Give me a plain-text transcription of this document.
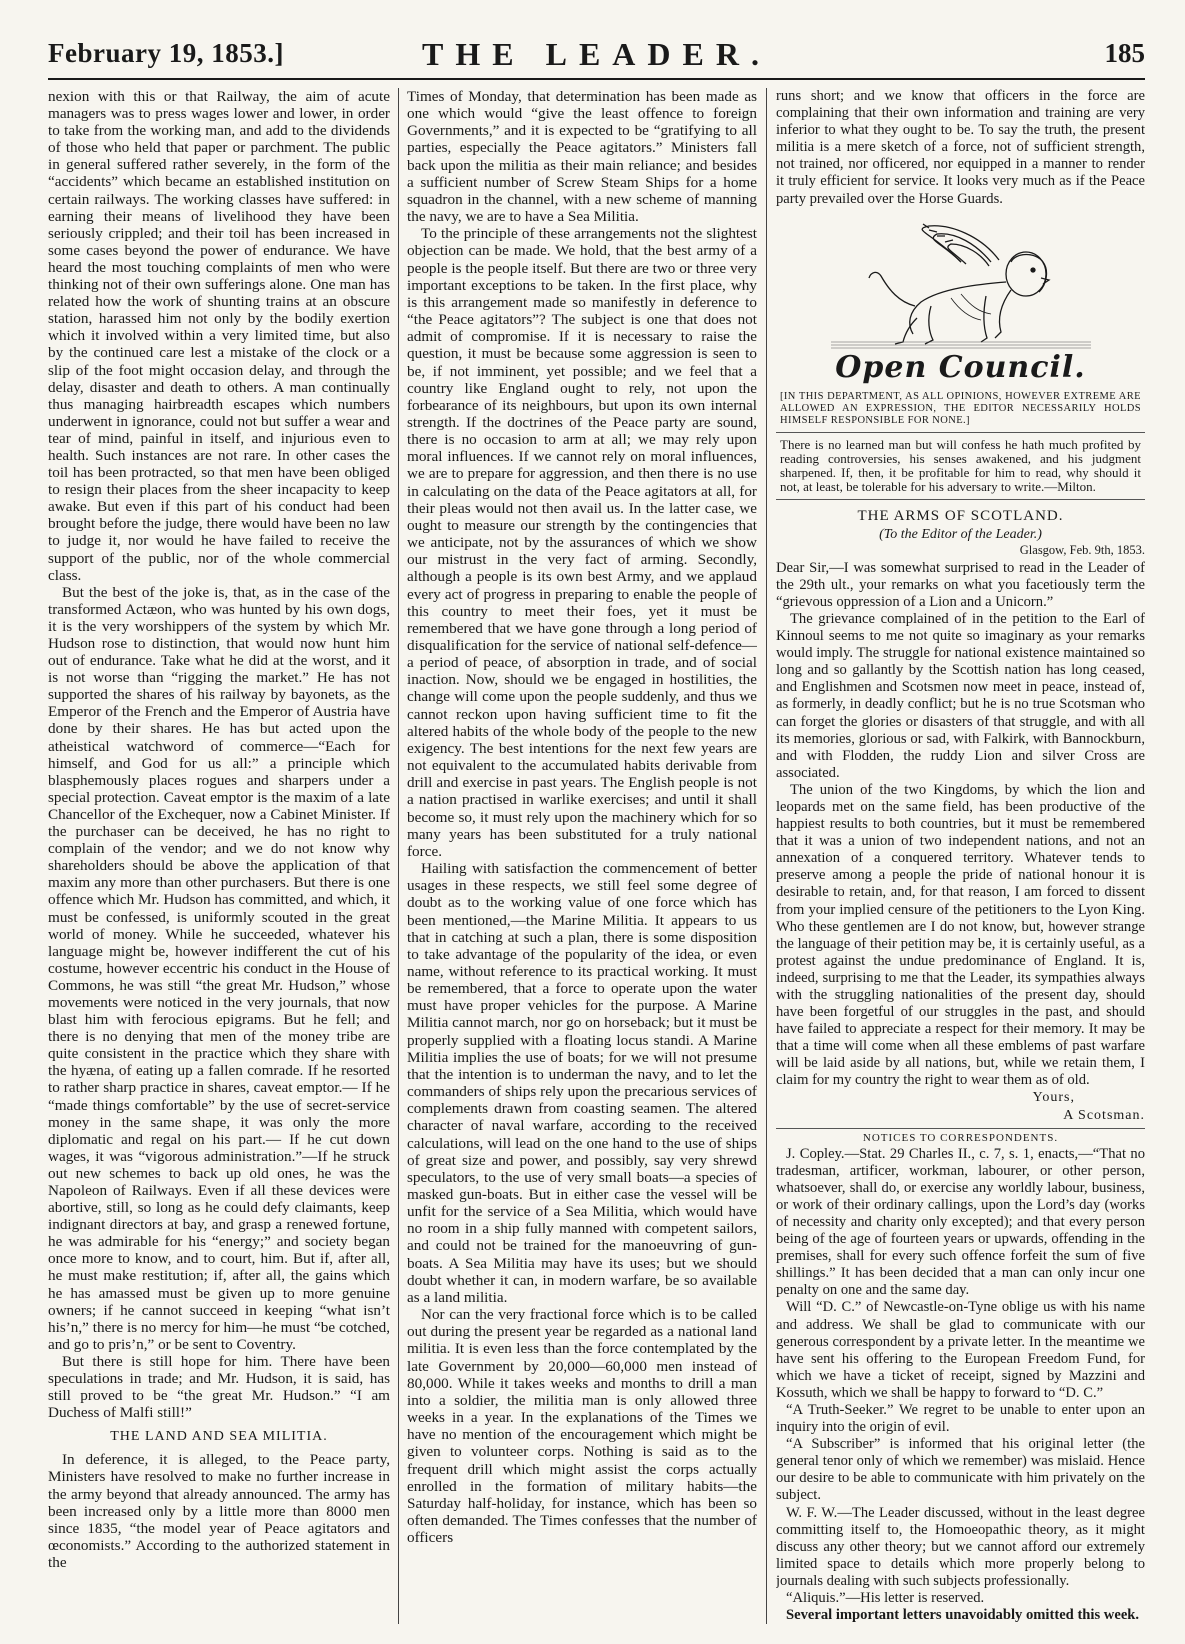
February 19, 1853.]	THE LEADER.	185

nexion with this or that Railway, the aim of acute managers was to press wages lower and lower, in order to take from the working man, and add to the dividends of those who held that paper or parchment. The public in general suffered rather severely, in the form of the “accidents” which became an established institution on certain railways. The working classes have suffered: in earning their means of livelihood they have been seriously crippled; and their toil has been increased in some cases beyond the power of endurance. We have heard the most touching complaints of men who were thinking not of their own sufferings alone. One man has related how the work of shunting trains at an obscure station, harassed him not only by the bodily exertion which it involved within a very limited time, but also by the continued care lest a mistake of the clock or a slip of the foot might occasion delay, and through the delay, disaster and death to others. A man continually thus managing hairbreadth escapes which numbers underwent in ignorance, could not but suffer a wear and tear of mind, painful in itself, and injurious even to health. Such instances are not rare. In other cases the toil has been protracted, so that men have been obliged to resign their places from the sheer incapacity to keep awake. But even if this part of his conduct had been brought before the judge, there would have been no law to judge it, nor would he have failed to receive the support of the public, nor of the whole commercial class.

But the best of the joke is, that, as in the case of the transformed Actæon, who was hunted by his own dogs, it is the very worshippers of the system by which Mr. Hudson rose to distinction, that would now hunt him out of endurance. Take what he did at the worst, and it is not worse than “rigging the market.” He has not supported the shares of his railway by bayonets, as the Emperor of the French and the Emperor of Austria have done by their shares. He has but acted upon the atheistical watchword of commerce—“Each for himself, and God for us all:” a principle which blasphemously places rogues and sharpers under a special protection. Caveat emptor is the maxim of a late Chancellor of the Exchequer, now a Cabinet Minister. If the purchaser can be deceived, he has no right to complain of the vendor; and we do not know why shareholders should be above the application of that maxim any more than other purchasers. But there is one offence which Mr. Hudson has committed, and which, it must be confessed, is uniformly scouted in the great world of money. While he succeeded, whatever his language might be, however indifferent the cut of his costume, however eccentric his conduct in the House of Commons, he was still “the great Mr. Hudson,” whose movements were noticed in the very journals, that now blast him with ferocious epigrams. But he fell; and there is no denying that men of the money tribe are quite consistent in the practice which they share with the hyæna, of eating up a fallen comrade. If he resorted to rather sharp practice in shares, caveat emptor.— If he “made things comfortable” by the use of secret-service money in the same shape, it was only the more diplomatic and regal on his part.— If he cut down wages, it was “vigorous administration.”—If he struck out new schemes to back up old ones, he was the Napoleon of Railways. Even if all these devices were abortive, still, so long as he could defy claimants, keep indignant directors at bay, and grasp a renewed fortune, he was admirable for his “energy;” and society began once more to know, and to court, him. But if, after all, he must make restitution; if, after all, the gains which he has amassed must be given up to more genuine owners; if he cannot succeed in keeping “what isn’t his’n,” there is no mercy for him—he must “be cotched, and go to pris’n,” or be sent to Coventry.

But there is still hope for him. There have been speculations in trade; and Mr. Hudson, it is said, has still proved to be “the great Mr. Hudson.” “I am Duchess of Malfi still!”

THE LAND AND SEA MILITIA.

In deference, it is alleged, to the Peace party, Ministers have resolved to make no further increase in the army beyond that already announced. The army has been increased only by a little more than 8000 men since 1835, “the model year of Peace agitators and œconomists.” According to the authorized statement in the

Times of Monday, that determination has been made as one which would “give the least offence to foreign Governments,” and it is expected to be “gratifying to all parties, especially the Peace agitators.” Ministers fall back upon the militia as their main reliance; and besides a sufficient number of Screw Steam Ships for a home squadron in the channel, with a new scheme of manning the navy, we are to have a Sea Militia.

To the principle of these arrangements not the slightest objection can be made. We hold, that the best army of a people is the people itself. But there are two or three very important exceptions to be taken. In the first place, why is this arrangement made so manifestly in deference to “the Peace agitators”? The subject is one that does not admit of compromise. If it is necessary to raise the question, it must be because some aggression is seen to be, if not imminent, yet possible; and we feel that a country like England ought to rely, not upon the forbearance of its neighbours, but upon its own internal strength. If the doctrines of the Peace party are sound, there is no occasion to arm at all; we may rely upon moral influences. If we cannot rely on moral influences, we are to prepare for aggression, and then there is no use in calculating on the data of the Peace agitators at all, for their pleas would not then avail us. In the latter case, we ought to measure our strength by the contingencies that we anticipate, not by the assurances of which we show our mistrust in the very fact of arming. Secondly, although a people is its own best Army, and we applaud every act of progress in preparing to enable the people of this country to meet their foes, yet it must be remembered that we have gone through a long period of disqualification for the service of national self-defence—a period of peace, of absorption in trade, and of social inaction. Now, should we be engaged in hostilities, the change will come upon the people suddenly, and thus we cannot reckon upon having sufficient time to fit the altered habits of the whole body of the people to the new exigency. The best intentions for the next few years are not equivalent to the accumulated habits derivable from drill and exercise in past years. The English people is not a nation practised in warlike exercises; and until it shall become so, it must rely upon the machinery which for so many years has been substituted for a truly national force.

Hailing with satisfaction the commencement of better usages in these respects, we still feel some degree of doubt as to the working value of one force which has been mentioned,—the Marine Militia. It appears to us that in catching at such a plan, there is some disposition to take advantage of the popularity of the idea, or even name, without reference to its practical working. It must be remembered, that a force to operate upon the water must have proper vehicles for the purpose. A Marine Militia cannot march, nor go on horseback; but it must be properly supplied with a floating locus standi. A Marine Militia implies the use of boats; for we will not presume that the intention is to underman the navy, and to let the commanders of ships rely upon the precarious services of complements drawn from coasting seamen. The altered character of naval warfare, according to the received calculations, will lead on the one hand to the use of ships of great size and power, and possibly, say very shrewd speculators, to the use of very small boats—a species of masked gun-boats. But in either case the vessel will be unfit for the service of a Sea Militia, which would have no room in a ship fully manned with competent sailors, and could not be trained for the manoeuvring of gun-boats. A Sea Militia may have its uses; but we should doubt whether it can, in modern warfare, be so available as a land militia.

Nor can the very fractional force which is to be called out during the present year be regarded as a national land militia. It is even less than the force contemplated by the late Government by 20,000—60,000 men instead of 80,000. While it takes weeks and months to drill a man into a soldier, the militia man is only allowed three weeks in a year. In the explanations of the Times we have no mention of the encouragement which might be given to volunteer corps. Nothing is said as to the frequent drill which might assist the corps actually enrolled in the formation of military habits—the Saturday half-holiday, for instance, which has been so often demanded. The Times confesses that the number of officers

runs short; and we know that officers in the force are complaining that their own information and training are very inferior to what they ought to be. To say the truth, the present militia is a mere sketch of a force, not of sufficient strength, not trained, nor officered, nor equipped in a manner to render it truly efficient for service. It looks very much as if the Peace party prevailed over the Horse Guards.

Open Council.
[IN THIS DEPARTMENT, AS ALL OPINIONS, HOWEVER EXTREME ARE ALLOWED AN EXPRESSION, THE EDITOR NECESSARILY HOLDS HIMSELF RESPONSIBLE FOR NONE.]
There is no learned man but will confess he hath much profited by reading controversies, his senses awakened, and his judgment sharpened. If, then, it be profitable for him to read, why should it not, at least, be tolerable for his adversary to write.—Milton.
THE ARMS OF SCOTLAND.
(To the Editor of the Leader.)
Glasgow, Feb. 9th, 1853.

Dear Sir,—I was somewhat surprised to read in the Leader of the 29th ult., your remarks on what you facetiously term the “grievous oppression of a Lion and a Unicorn.”

The grievance complained of in the petition to the Earl of Kinnoul seems to me not quite so imaginary as your remarks would imply. The struggle for national existence maintained so long and so gallantly by the Scottish nation has long ceased, and Englishmen and Scotsmen now meet in peace, instead of, as formerly, in deadly conflict; but he is no true Scotsman who can forget the glories or disasters of that struggle, and with all its memories, glorious or sad, with Falkirk, with Bannockburn, and with Flodden, the ruddy Lion and silver Cross are associated.

The union of the two Kingdoms, by which the lion and leopards met on the same field, has been productive of the happiest results to both countries, but it must be remembered that it was a union of two independent nations, and not an annexation of a conquered territory. Whatever tends to preserve among a people the pride of national honour it is desirable to retain, and, for that reason, I am forced to dissent from your implied censure of the petitioners to the Lyon King. Who these gentlemen are I do not know, but, however strange the language of their petition may be, it is certainly useful, as a protest against the undue predominance of England. It is, indeed, surprising to me that the Leader, its sympathies always with the struggling nationalities of the present day, should have been forgetful of our struggles in the past, and should have failed to appreciate a respect for their memory. It may be that a time will come when all these emblems of past warfare will be laid aside by all nations, but, while we retain them, I claim for my country the right to wear them as of old.

Yours,
A Scotsman.
NOTICES TO CORRESPONDENTS.

J. Copley.—Stat. 29 Charles II., c. 7, s. 1, enacts,—“That no tradesman, artificer, workman, labourer, or other person, whatsoever, shall do, or exercise any worldly labour, business, or work of their ordinary callings, upon the Lord’s day (works of necessity and charity only excepted); and that every person being of the age of fourteen years or upwards, offending in the premises, shall for every such offence forfeit the sum of five shillings.” It has been decided that a man can only incur one penalty on one and the same day.

Will “D. C.” of Newcastle-on-Tyne oblige us with his name and address. We shall be glad to communicate with our generous correspondent by a private letter. In the meantime we have sent his offering to the European Freedom Fund, for which we have a ticket of receipt, signed by Mazzini and Kossuth, which we shall be happy to forward to “D. C.”

“A Truth-Seeker.” We regret to be unable to enter upon an inquiry into the origin of evil.

“A Subscriber” is informed that his original letter (the general tenor only of which we remember) was mislaid. Hence our desire to be able to communicate with him privately on the subject.

W. F. W.—The Leader discussed, without in the least degree committing itself to, the Homoeopathic theory, as it might discuss any other theory; but we cannot afford our extremely limited space to details which more properly belong to journals dealing with such subjects professionally.

“Aliquis.”—His letter is reserved.

Several important letters unavoidably omitted this week.
